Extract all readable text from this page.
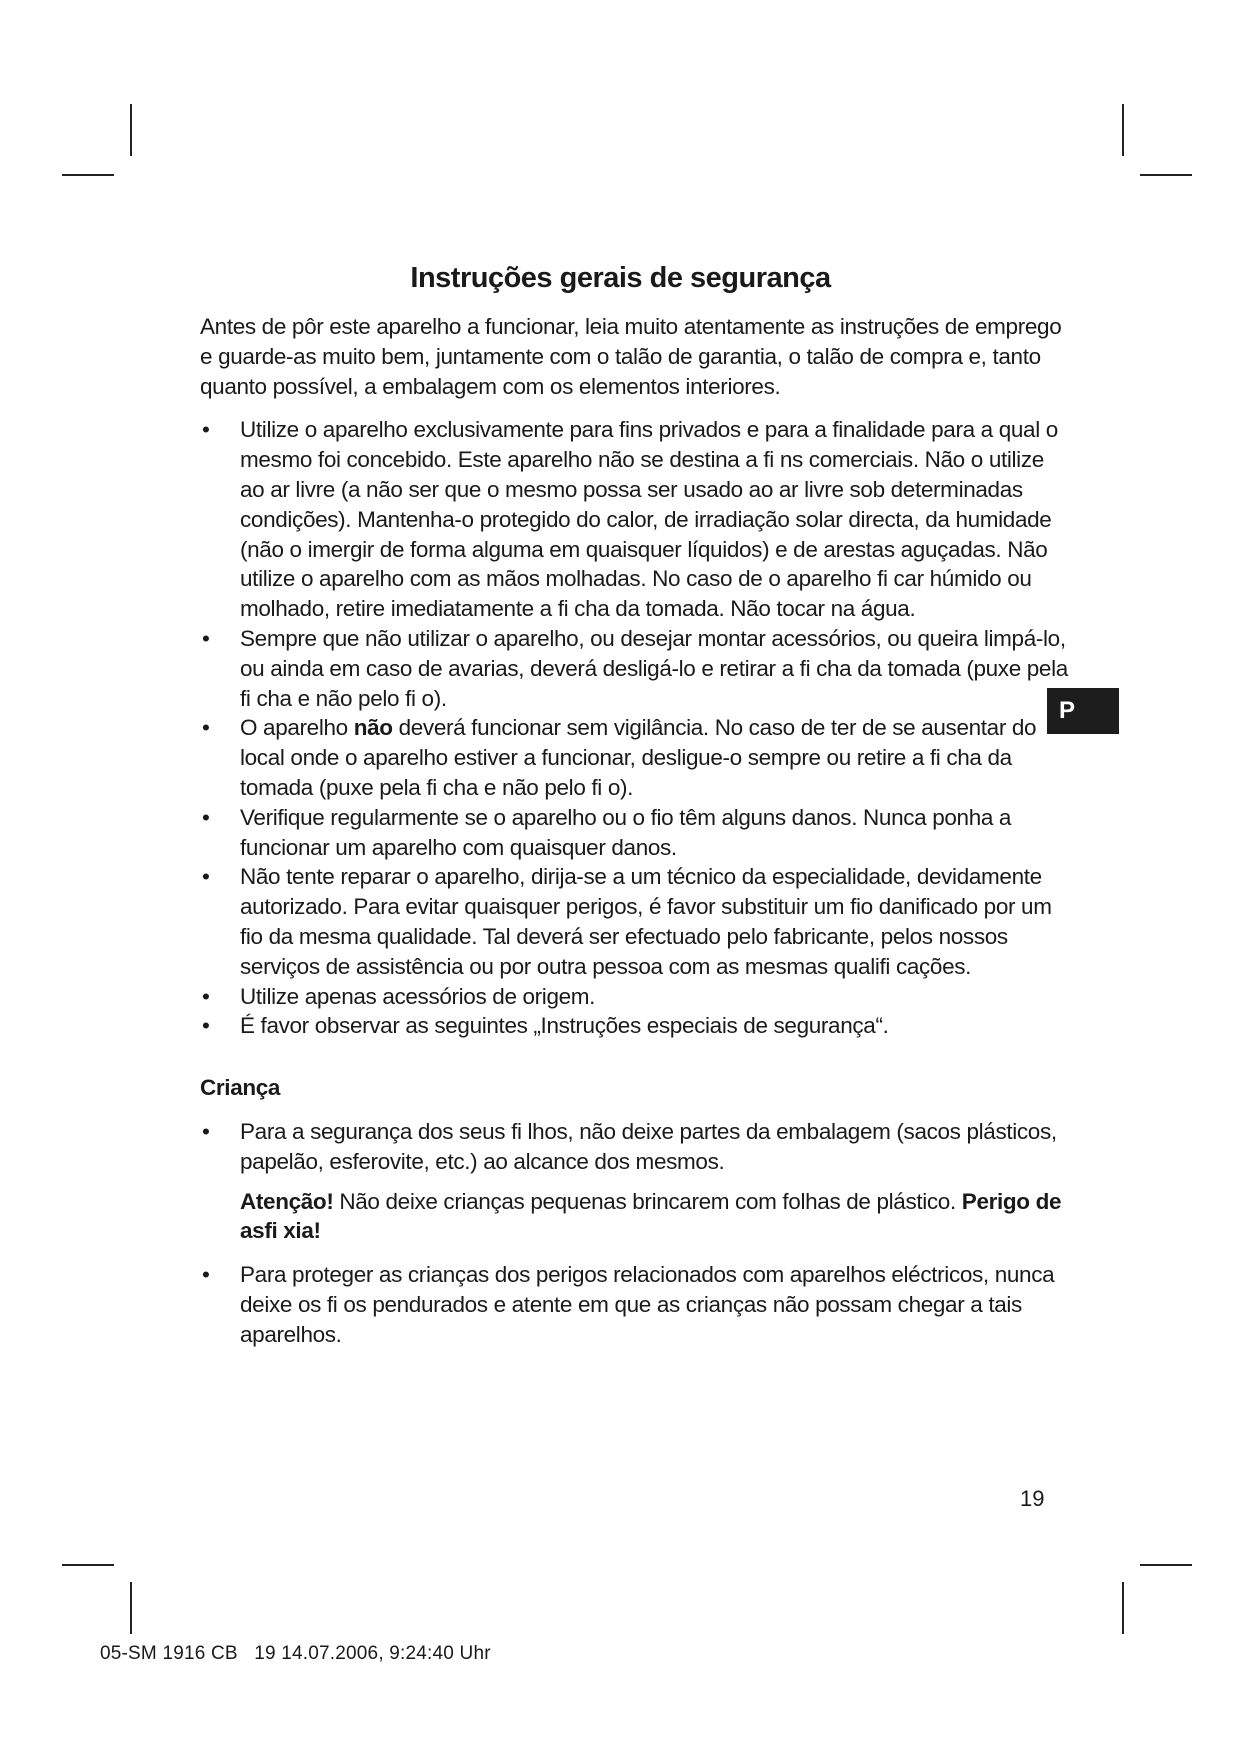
Instruções gerais de segurança

Antes de pôr este aparelho a funcionar, leia muito atentamente as instruções de emprego e guarde-as muito bem, juntamente com o talão de garantia, o talão de compra e, tanto quanto possível, a embalagem com os elementos interiores.

• Utilize o aparelho exclusivamente para fins privados e para a finalidade para a qual o mesmo foi concebido. Este aparelho não se destina a fi ns comerciais. Não o utilize ao ar livre (a não ser que o mesmo possa ser usado ao ar livre sob determinadas condições). Mantenha-o protegido do calor, de irradiação solar directa, da humidade (não o imergir de forma alguma em quaisquer líquidos) e de arestas aguçadas. Não utilize o aparelho com as mãos molhadas. No caso de o aparelho fi car húmido ou molhado, retire imediatamente a fi cha da tomada. Não tocar na água.
• Sempre que não utilizar o aparelho, ou desejar montar acessórios, ou queira limpá-lo, ou ainda em caso de avarias, deverá desligá-lo e retirar a fi cha da tomada (puxe pela fi cha e não pelo fi o).
• O aparelho não deverá funcionar sem vigilância. No caso de ter de se ausentar do local onde o aparelho estiver a funcionar, desligue-o sempre ou retire a fi cha da tomada (puxe pela fi cha e não pelo fi o).
• Verifique regularmente se o aparelho ou o fio têm alguns danos. Nunca ponha a funcionar um aparelho com quaisquer danos.
• Não tente reparar o aparelho, dirija-se a um técnico da especialidade, devidamente autorizado. Para evitar quaisquer perigos, é favor substituir um fio danificado por um fio da mesma qualidade. Tal deverá ser efectuado pelo fabricante, pelos nossos serviços de assistência ou por outra pessoa com as mesmas qualifi cações.
• Utilize apenas acessórios de origem.
• É favor observar as seguintes „Instruções especiais de segurança“.

Criança

• Para a segurança dos seus fi lhos, não deixe partes da embalagem (sacos plásticos, papelão, esferovite, etc.) ao alcance dos mesmos.

Atenção! Não deixe crianças pequenas brincarem com folhas de plástico. Perigo de asfi xia!

• Para proteger as crianças dos perigos relacionados com aparelhos eléctricos, nunca deixe os fi os pendurados e atente em que as crianças não possam chegar a tais aparelhos.
P
19
05-SM 1916 CB   19 14.07.2006, 9:24:40 Uhr
